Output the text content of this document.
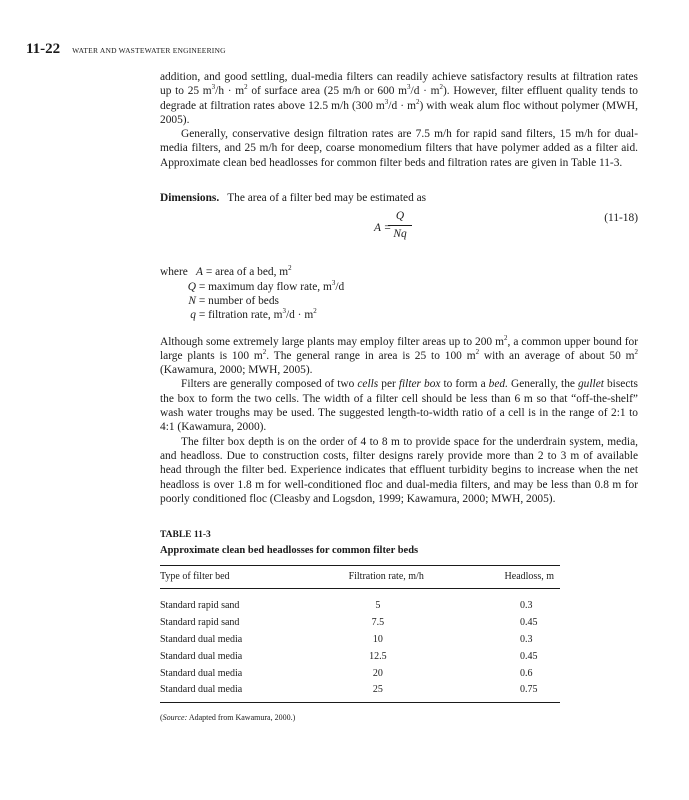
11-22 WATER AND WASTEWATER ENGINEERING

addition, and good settling, dual-media filters can readily achieve satisfactory results at filtration rates up to 25 $m^3/h \cdot m^2$ of surface area (25 m/h or 600 $m^3/d \cdot m^2$). However, filter effluent quality tends to degrade at filtration rates above 12.5 m/h (300 $m^3/d \cdot m^2$) with weak alum floc without polymer (MWH, 2005).

Generally, conservative design filtration rates are 7.5 m/h for rapid sand filters, 15 m/h for dual-media filters, and 25 m/h for deep, coarse monomedium filters that have polymer added as a filter aid. Approximate clean bed headlosses for common filter beds and filtration rates are given in Table 11-3.

Dimensions. The area of a filter bed may be estimated as

A =
$\frac{Q}{Nq}$	(11-18)
where A = area of a bed, $m^2$
Q = maximum day flow rate, $m^3/d$
N = number of beds
q = filtration rate, $m^3/d \cdot m^2$

Although some extremely large plants may employ filter areas up to 200 $m^2$, a common upper bound for large plants is 100 $m^2$. The general range in area is 25 to 100 $m^2$ with an average of about 50 $m^2$ (Kawamura, 2000; MWH, 2005).

Filters are generally composed of two cells per filter box to form a bed. Generally, the gullet bisects the box to form the two cells. The width of a filter cell should be less than 6 m so that “off-the-shelf” wash water troughs may be used. The suggested length-to-width ratio of a cell is in the range of 2:1 to 4:1 (Kawamura, 2000).

The filter box depth is on the order of 4 to 8 m to provide space for the underdrain system, media, and headloss. Due to construction costs, filter designs rarely provide more than 2 to 3 m of available head through the filter bed. Experience indicates that effluent turbidity begins to increase when the net headloss is over 1.8 m for well-conditioned floc and dual-media filters, and may be less than 0.8 m for poorly conditioned floc (Cleasby and Logsdon, 1999; Kawamura, 2000; MWH, 2005).

TABLE 11-3
Approximate clean bed headlosses for common filter beds
Type of filter bed	Filtration rate, m/h	Headloss, m
Standard rapid sand	5	0.3
Standard rapid sand	7.5	0.45
Standard dual media	10	0.3
Standard dual media	12.5	0.45
Standard dual media	20	0.6
Standard dual media	25	0.75
(Source: Adapted from Kawamura, 2000.)
